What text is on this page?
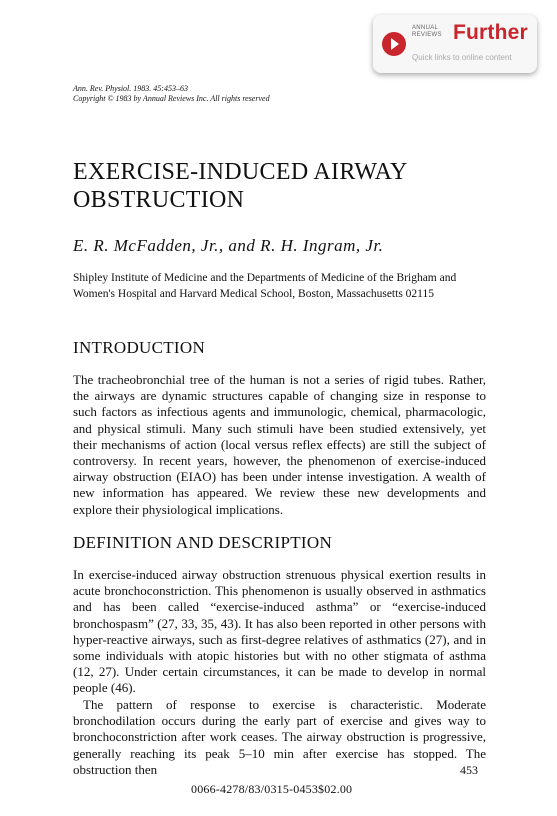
ANNUAL REVIEWS Further
Quick links to online content
Ann. Rev. Physiol. 1983. 45:453–63
Copyright © 1983 by Annual Reviews Inc. All rights reserved
EXERCISE-INDUCED AIRWAY OBSTRUCTION
E. R. McFadden, Jr., and R. H. Ingram, Jr.
Shipley Institute of Medicine and the Departments of Medicine of the Brigham and Women's Hospital and Harvard Medical School, Boston, Massachusetts 02115
INTRODUCTION
The tracheobronchial tree of the human is not a series of rigid tubes. Rather, the airways are dynamic structures capable of changing size in response to such factors as infectious agents and immunologic, chemical, pharmacologic, and physical stimuli. Many such stimuli have been studied extensively, yet their mechanisms of action (local versus reflex effects) are still the subject of controversy. In recent years, however, the phenomenon of exercise-induced airway obstruction (EIAO) has been under intense investigation. A wealth of new information has appeared. We review these new developments and explore their physiological implications.
DEFINITION AND DESCRIPTION
In exercise-induced airway obstruction strenuous physical exertion results in acute bronchoconstriction. This phenomenon is usually observed in asthmatics and has been called “exercise-induced asthma” or “exercise-induced bronchospasm” (27, 33, 35, 43). It has also been reported in other persons with hyper-reactive airways, such as first-degree relatives of asthmatics (27), and in some individuals with atopic histories but with no other stigmata of asthma (12, 27). Under certain circumstances, it can be made to develop in normal people (46).
The pattern of response to exercise is characteristic. Moderate bronchodilation occurs during the early part of exercise and gives way to bronchoconstriction after work ceases. The airway obstruction is progressive, generally reaching its peak 5–10 min after exercise has stopped. The obstruction then	453
0066-4278/83/0315-0453$02.00
